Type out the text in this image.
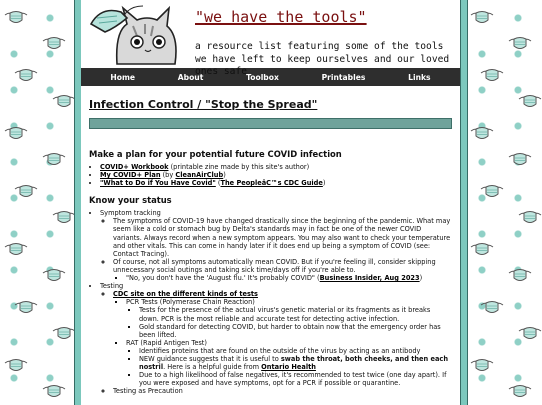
"we have the tools"
a resource list featuring some of the tools we have left to keep ourselves and our loved ones safe
Home	About	Toolbox	Printables	Links
Infection Control / "Stop the Spread"
Make a plan for your potential future COVID infection
• COVID+ Workbook (printable zine made by this site's author)
• My COVID+ Plan (by CleanAirClub)
• "What to Do if You Have Covid" (The PeopleâC™s CDC Guide)
Know your status
• Symptom tracking
◦ The symptoms of COVID-19 have changed drastically since the beginning of the pandemic. What may seem like a cold or stomach bug by Delta's standards may in fact be one of the newer COVID variants. Always record when a new symptom appears. You may also want to check your temperature and other vitals. This can come in handy later if it does end up being a symptom of COVID (see: Contact Tracing).
◦ Of course, not all symptoms automatically mean COVID. But if you're feeling ill, consider skipping unnecessary social outings and taking sick time/days off if you're able to.
▪ "No, you don't have the 'August flu.' It's probably COVID" (Business Insider, Aug 2023)
• Testing
◦ CDC site on the different kinds of tests
▪ PCR Tests (Polymerase Chain Reaction)
▪ Tests for the presence of the actual virus's genetic material or its fragments as it breaks down. PCR is the most reliable and accurate test for detecting active infection.
▪ Gold standard for detecting COVID, but harder to obtain now that the emergency order has been lifted.
▪ RAT (Rapid Antigen Test)
▪ Identifies proteins that are found on the outside of the virus by acting as an antibody
▪ NEW guidance suggests that it is useful to swab the throat, both cheeks, and then each nostril. Here is a helpful guide from Ontario Health
▪ Due to a high likelihood of false negatives, it's recommended to test twice (one day apart). If you were exposed and have symptoms, opt for a PCR if possible or quarantine.
◦ Testing as Precaution
